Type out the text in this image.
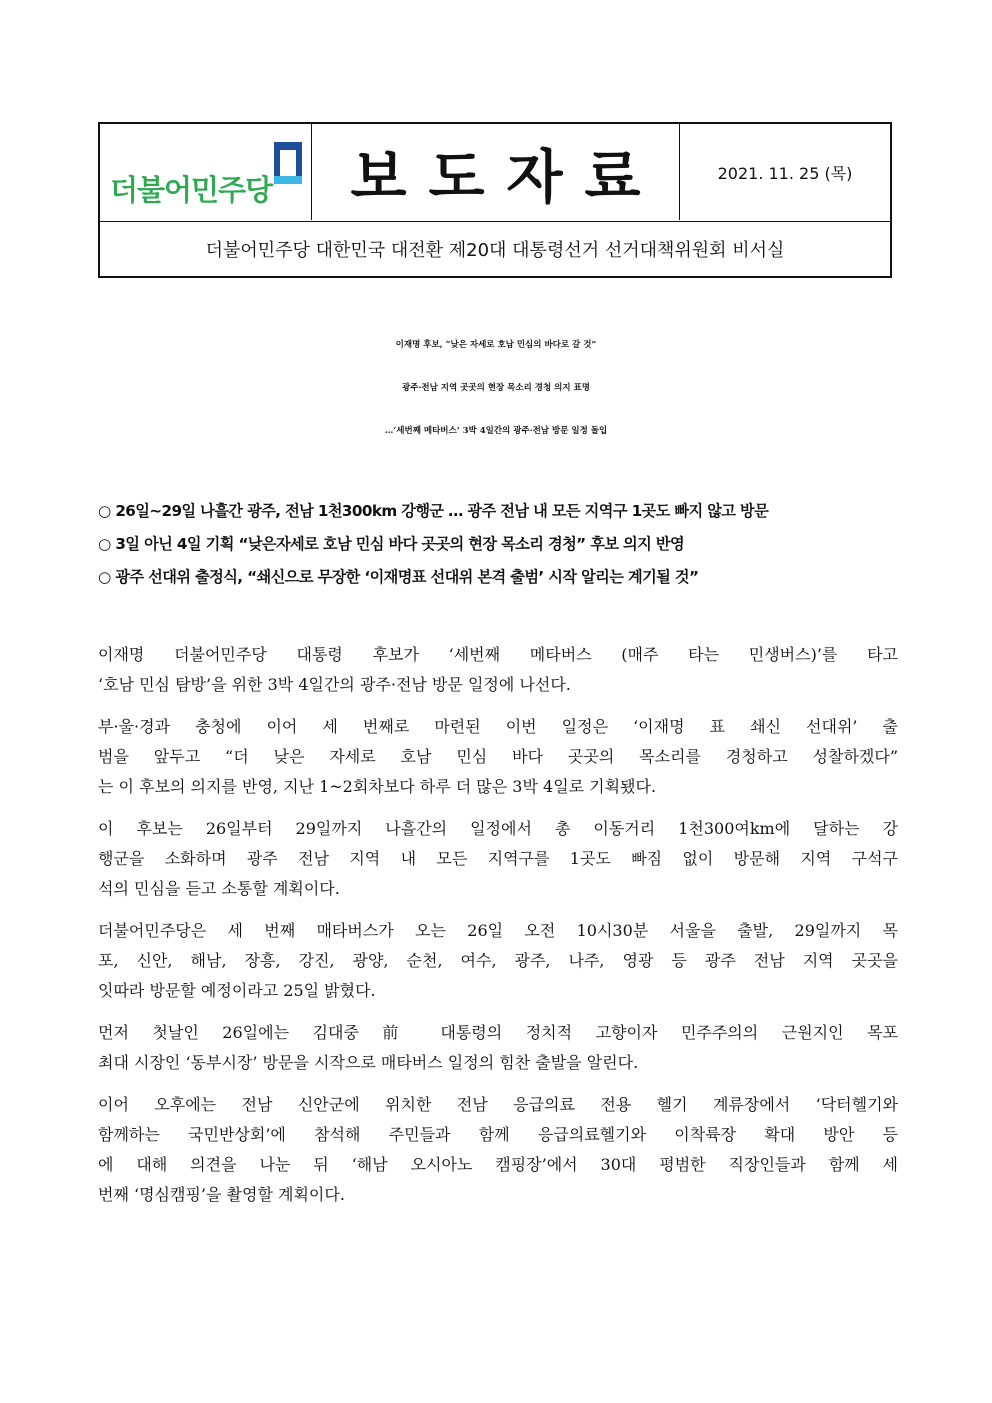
더불어민주당 보도자료	2021. 11. 25 (목)
더불어민주당 대한민국 대전환 제20대 대통령선거 선거대책위원회 비서실
이재명 후보, “낮은 자세로 호남 민심의 바다로 갈 것”
광주·전남 지역 곳곳의 현장 목소리 경청 의지 표명
…‘세번째 메타버스’ 3박 4일간의 광주·전남 방문 일정 돌입
○ 26일~29일 나흘간 광주, 전남 1천300km 강행군 … 광주 전남 내 모든 지역구 1곳도 빠지 않고 방문
○ 3일 아닌 4일 기획 “낮은자세로 호남 민심 바다 곳곳의 현장 목소리 경청” 후보 의지 반영
○ 광주 선대위 출정식, “쇄신으로 무장한 ‘이재명표 선대위 본격 출범’ 시작 알리는 계기될 것”
이재명 더불어민주당 대통령 후보가 ‘세번째 메타버스 (매주 타는 민생버스)’를 타고
‘호남 민심 탐방’을 위한 3박 4일간의 광주·전남 방문 일정에 나선다.
부·울·경과 충청에 이어 세 번째로 마련된 이번 일정은 ‘이재명 표 쇄신 선대위’ 출
범을 앞두고 “더 낮은 자세로 호남 민심 바다 곳곳의 목소리를 경청하고 성찰하겠다”
는 이 후보의 의지를 반영, 지난 1~2회차보다 하루 더 많은 3박 4일로 기획됐다.
이 후보는 26일부터 29일까지 나흘간의 일정에서 총 이동거리 1천300여km에 달하는 강
행군을 소화하며 광주 전남 지역 내 모든 지역구를 1곳도 빠짐 없이 방문해 지역 구석구
석의 민심을 듣고 소통할 계획이다.
더불어민주당은 세 번째 매타버스가 오는 26일 오전 10시30분 서울을 출발, 29일까지 목
포, 신안, 해남, 장흥, 강진, 광양, 순천, 여수, 광주, 나주, 영광 등 광주 전남 지역 곳곳을
잇따라 방문할 예정이라고 25일 밝혔다.
먼저 첫날인 26일에는 김대중 前 대통령의 정치적 고향이자 민주주의의 근원지인 목포
최대 시장인 ‘동부시장’ 방문을 시작으로 매타버스 일정의 힘찬 출발을 알린다.
이어 오후에는 전남 신안군에 위치한 전남 응급의료 전용 헬기 계류장에서 ‘닥터헬기와
함께하는 국민반상회’에 참석해 주민들과 함께 응급의료헬기와 이착륙장 확대 방안 등
에 대해 의견을 나눈 뒤 ‘해남 오시아노 캠핑장’에서 30대 평범한 직장인들과 함께 세
번째 ‘명심캠핑’을 촬영할 계획이다.
